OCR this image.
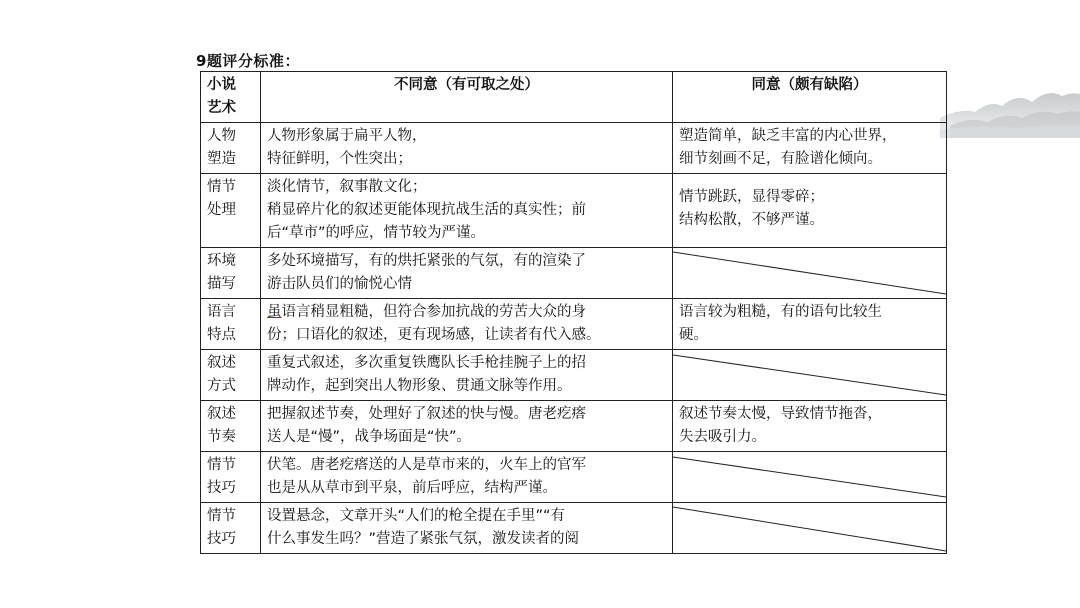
9题评分标准：
小说
艺术	不同意（有可取之处）	同意（颇有缺陷）

人物
塑造	人物形象属于扁平人物，
特征鲜明，个性突出；	塑造简单，缺乏丰富的内心世界，
细节刻画不足，有脸谱化倾向。

情节
处理	淡化情节，叙事散文化；
稍显碎片化的叙述更能体现抗战生活的真实性；前
后“草市”的呼应，情节较为严谨。	情节跳跃，显得零碎；
结构松散，不够严谨。

环境
描写	多处环境描写，有的烘托紧张的气氛，有的渲染了
游击队员们的愉悦心情

语言
特点	虽语言稍显粗糙，但符合参加抗战的劳苦大众的身
份；口语化的叙述，更有现场感，让读者有代入感。	语言较为粗糙，有的语句比较生
硬。

叙述
方式	重复式叙述，多次重复铁鹰队长手枪挂腕子上的招
牌动作，起到突出人物形象、贯通文脉等作用。

叙述
节奏	把握叙述节奏，处理好了叙述的快与慢。唐老疙瘩
送人是“慢”，战争场面是“快”。	叙述节奏太慢，导致情节拖沓，
失去吸引力。

情节
技巧	伏笔。唐老疙瘩送的人是草市来的，火车上的官军
也是从从草市到平泉，前后呼应，结构严谨。

情节
技巧	设置悬念，文章开头“人们的枪全提在手里”“有
什么事发生吗？”营造了紧张气氛，激发读者的阅
